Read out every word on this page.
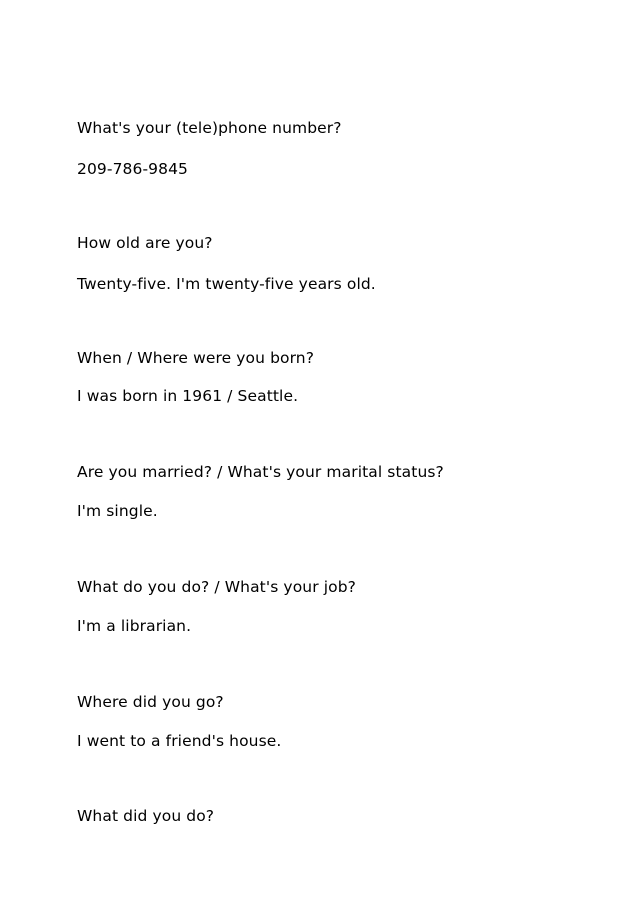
What's your (tele)phone number?
209-786-9845
How old are you?
Twenty-five. I'm twenty-five years old.
When / Where were you born?
I was born in 1961 / Seattle.
Are you married? / What's your marital status?
I'm single.
What do you do? / What's your job?
I'm a librarian.
Where did you go?
I went to a friend's house.
What did you do?
